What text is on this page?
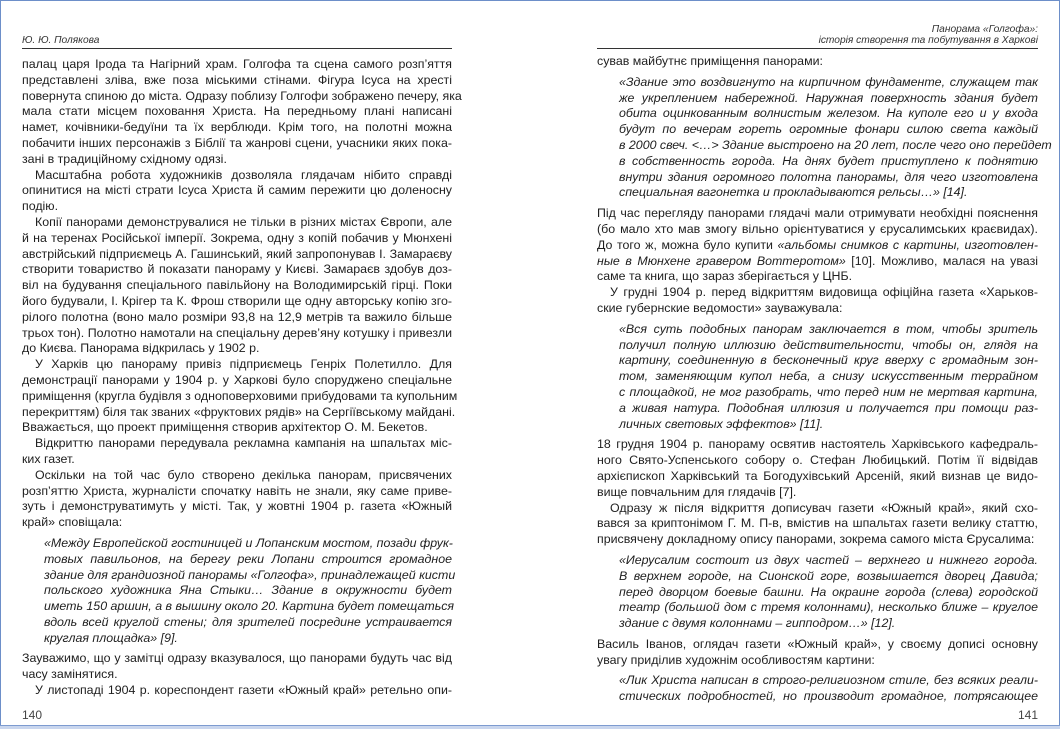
Ю. Ю. Полякова
палац царя Ірода та Нагірний храм. Голгофа та сцена самого розп’яття
представлені зліва, вже поза міськими стінами. Фігура Ісуса на хресті
повернута спиною до міста. Одразу поблизу Голгофи зображено печеру, яка
мала стати місцем поховання Христа. На передньому плані написані
намет, кочівники-бедуїни та їх верблюди. Крім того, на полотні можна
побачити інших персонажів з Біблії та жанрові сцени, учасники яких пока-
зані в традиційному східному одязі.
Масштабна робота художників дозволяла глядачам нібито справді
опинитися на місті страти Ісуса Христа й самим пережити цю доленосну
подію.
Копії панорами демонструвалися не тільки в різних містах Європи, але
й на теренах Російської імперії. Зокрема, одну з копій побачив у Мюнхені
австрійський підприємець А. Гашинський, який запропонував І. Замараєву
створити товариство й показати панораму у Києві. Замараєв здобув доз-
віл на будування спеціального павільйону на Володимирській гірці. Поки
його будували, І. Крігер та К. Фрош створили ще одну авторську копію зго-
рілого полотна (воно мало розміри 93,8 на 12,9 метрів та важило більше
трьох тон). Полотно намотали на спеціальну дерев’яну котушку і привезли
до Києва. Панорама відкрилась у 1902 р.
У Харків цю панораму привіз підприємець Генріх Полетилло. Для
демонстрації панорами у 1904 р. у Харкові було споруджено спеціальне
приміщення (кругла будівля з одноповерховими прибудовами та купольним
перекриттям) біля так званих «фруктових рядів» на Сергіївському майдані.
Вважається, що проект приміщення створив архітектор О. М. Бекетов.
Відкриттю панорами передувала рекламна кампанія на шпальтах міс-
ких газет.
Оскільки на той час було створено декілька панорам, присвячених
розп’яттю Христа, журналісти спочатку навіть не знали, яку саме приве-
зуть і демонструватимуть у місті. Так, у жовтні 1904 р. газета «Южный
край» сповіщала:
«Между Европейской гостиницей и Лопанским мостом, позади фрук-
товых павильонов, на берегу реки Лопани строится громадное
здание для грандиозной панорамы «Голгофа», принадлежащей кисти
польского художника Яна Стыки… Здание в окружности будет
иметь 150 аршин, а в вышину около 20. Картина будет помещаться
вдоль всей круглой стены; для зрителей посредине устраивается
круглая площадка» [9].
Зауважимо, що у замітці одразу вказувалося, що панорами будуть час від
часу замінятися.
У листопаді 1904 р. кореспондент газети «Южный край» ретельно опи-
140
Панорама «Голгофа»:
історія створення та побутування в Харкові
сував майбутнє приміщення панорами:
«Здание это воздвигнуто на кирпичном фундаменте, служащем так
же укреплением набережной. Наружная поверхность здания будет
обита оцинкованным волнистым железом. На куполе его и у входа
будут по вечерам гореть огромные фонари силою света каждый
в 2000 свеч. <…> Здание выстроено на 20 лет, после чего оно перейдет
в собственность города. На днях будет приступлено к поднятию
внутри здания огромного полотна панорамы, для чего изготовлена
специальная вагонетка и прокладываются рельсы…» [14].
Під час перегляду панорами глядачі мали отримувати необхідні пояснення
(бо мало хто мав змогу вільно орієнтуватися у єрусалимських краєвидах).
До того ж, можна було купити «альбомы снимков с картины, изготовлен-
ные в Мюнхене гравером Воттеротом» [10]. Можливо, малася на увазі
саме та книга, що зараз зберігається у ЦНБ.
У грудні 1904 р. перед відкриттям видовища офіційна газета «Харьков-
ские губернские ведомости» зауважувала:
«Вся суть подобных панорам заключается в том, чтобы зритель
получил полную иллюзию действительности, чтобы он, глядя на
картину, соединенную в бесконечный круг вверху с громадным зон-
том, заменяющим купол неба, а снизу искусственным террайном
с площадкой, не мог разобрать, что перед ним не мертвая картина,
а живая натура. Подобная иллюзия и получается при помощи раз-
личных световых эффектов» [11].
18 грудня 1904 р. панораму освятив настоятель Харківського кафедраль-
ного Свято-Успенського собору о. Стефан Любицький. Потім її відвідав
архієпископ Харківський та Богодухівський Арсеній, який визнав це видо-
вище повчальним для глядачів [7].
Одразу ж після відкриття дописувач газети «Южный край», який схо-
вався за криптонімом Г. М. П-в, вмістив на шпальтах газети велику статтю,
присвячену докладному опису панорами, зокрема самого міста Єрусалима:
«Иерусалим состоит из двух частей – верхнего и нижнего города.
В верхнем городе, на Сионской горе, возвышается дворец Давида;
перед дворцом боевые башни. На окраине города (слева) городской
театр (большой дом с тремя колоннами), несколько ближе – круглое
здание с двумя колоннами – гипподром…» [12].
Василь Іванов, оглядач газети «Южный край», у своєму дописі основну
увагу приділив художнім особливостям картини:
«Лик Христа написан в строго-религиозном стиле, без всяких реали-
стических подробностей, но производит громадное, потрясающее
141
